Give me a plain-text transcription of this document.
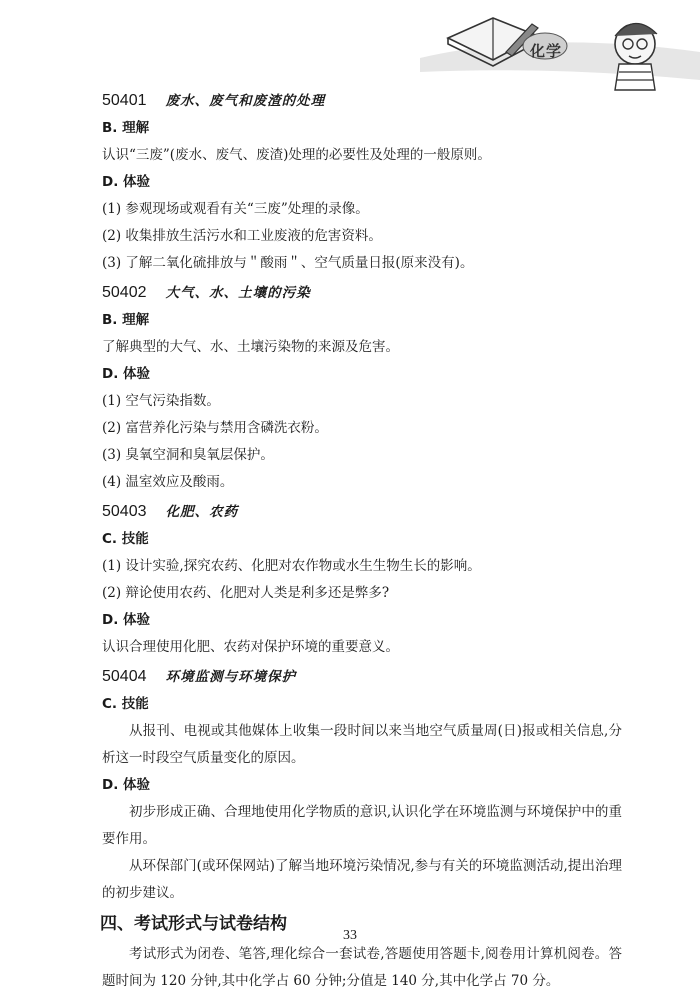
化学
50401 废水、废气和废渣的处理
B. 理解
认识“三废”(废水、废气、废渣)处理的必要性及处理的一般原则。
D. 体验
(1) 参观现场或观看有关“三废”处理的录像。
(2) 收集排放生活污水和工业废液的危害资料。
(3) 了解二氧化硫排放与＂酸雨＂、空气质量日报(原来没有)。
50402 大气、水、土壤的污染
B. 理解
了解典型的大气、水、土壤污染物的来源及危害。
D. 体验
(1) 空气污染指数。
(2) 富营养化污染与禁用含磷洗衣粉。
(3) 臭氧空洞和臭氧层保护。
(4) 温室效应及酸雨。
50403 化肥、农药
C. 技能
(1) 设计实验,探究农药、化肥对农作物或水生生物生长的影响。
(2) 辩论使用农药、化肥对人类是利多还是弊多?
D. 体验
认识合理使用化肥、农药对保护环境的重要意义。
50404 环境监测与环境保护
C. 技能
从报刊、电视或其他媒体上收集一段时间以来当地空气质量周(日)报或相关信息,分析这一时段空气质量变化的原因。
D. 体验
初步形成正确、合理地使用化学物质的意识,认识化学在环境监测与环境保护中的重要作用。
从环保部门(或环保网站)了解当地环境污染情况,参与有关的环境监测活动,提出治理的初步建议。
四、考试形式与试卷结构
考试形式为闭卷、笔答,理化综合一套试卷,答题使用答题卡,阅卷用计算机阅卷。答题时间为 120 分钟,其中化学占 60 分钟;分值是 140 分,其中化学占 70 分。
33
